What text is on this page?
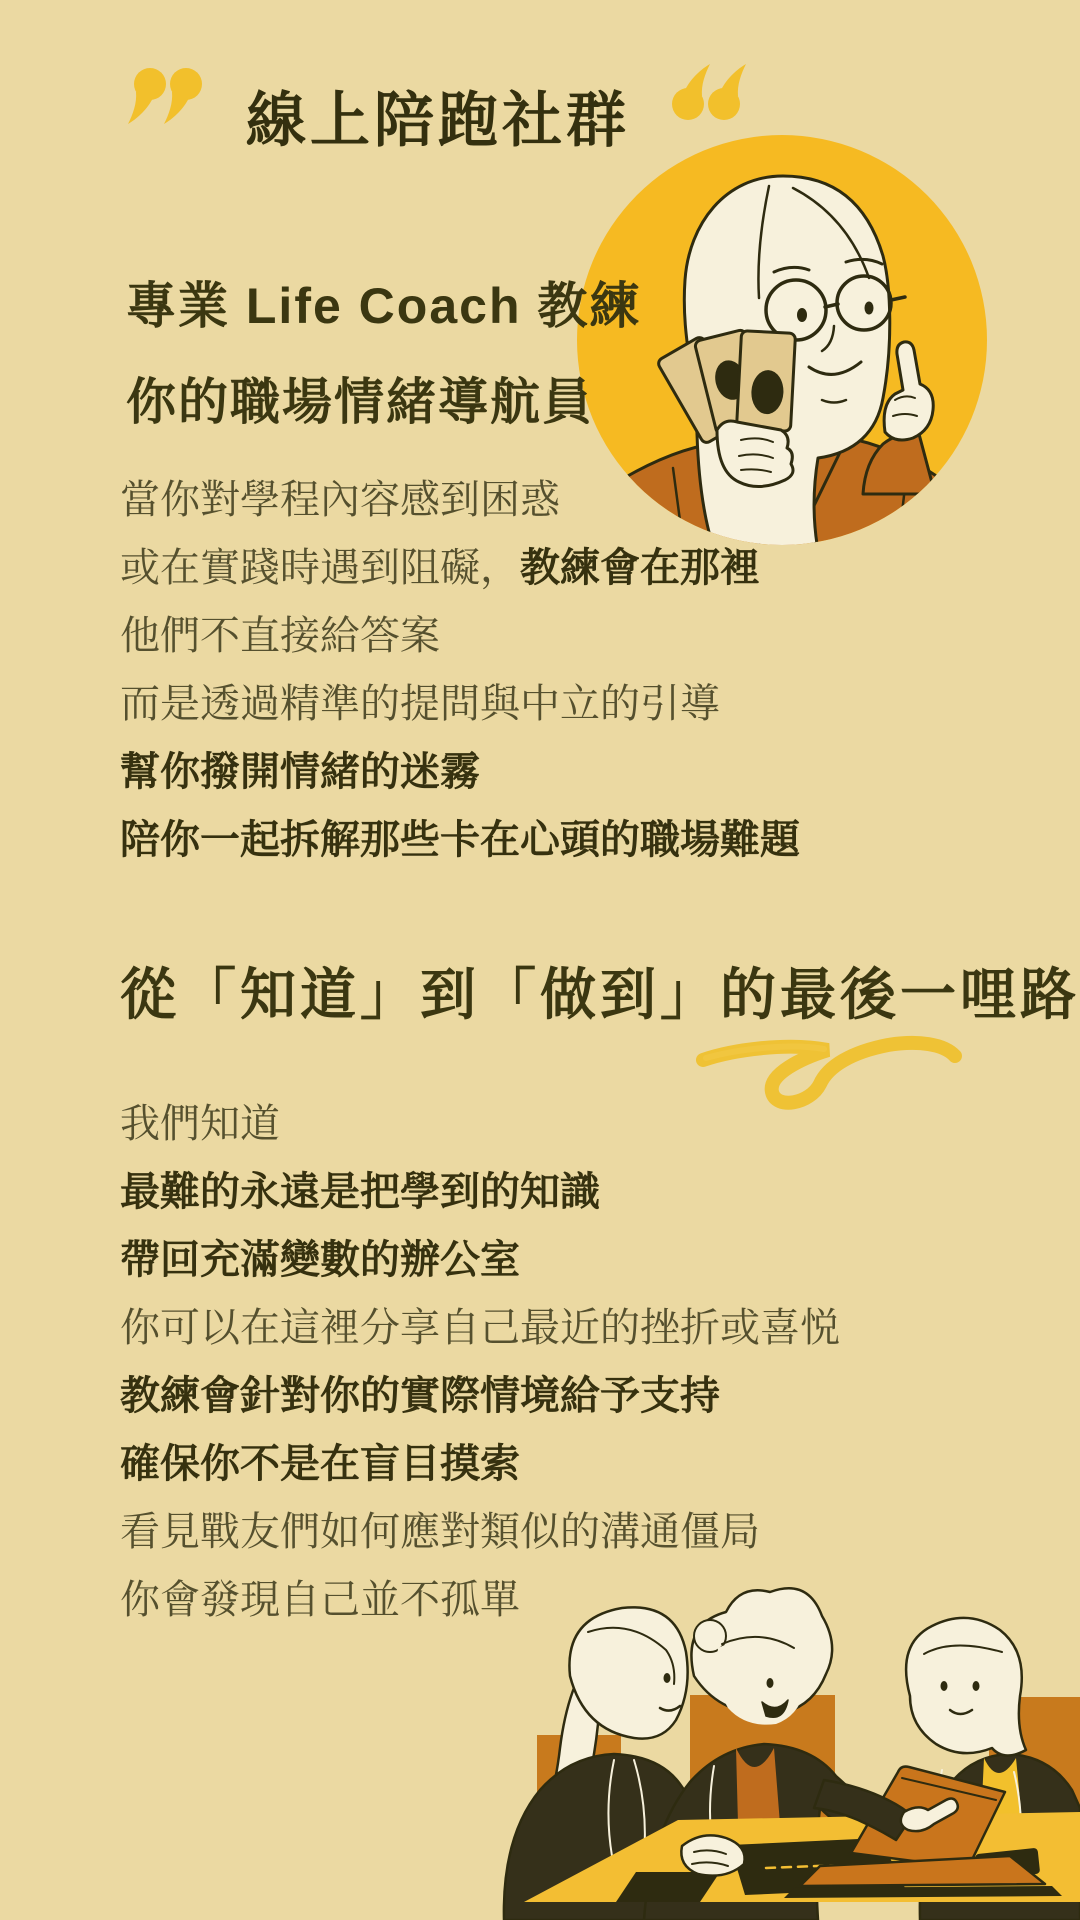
線上陪跑社群
專業 Life Coach 教練
你的職場情緒導航員
當你對學程內容感到困惑
或在實踐時遇到阻礙，教練會在那裡
他們不直接給答案
而是透過精準的提問與中立的引導
幫你撥開情緒的迷霧
陪你一起拆解那些卡在心頭的職場難題
從「知道」到「做到」的最後一哩路
我們知道
最難的永遠是把學到的知識
帶回充滿變數的辦公室
你可以在這裡分享自己最近的挫折或喜悦
教練會針對你的實際情境給予支持
確保你不是在盲目摸索
看見戰友們如何應對類似的溝通僵局
你會發現自己並不孤單
